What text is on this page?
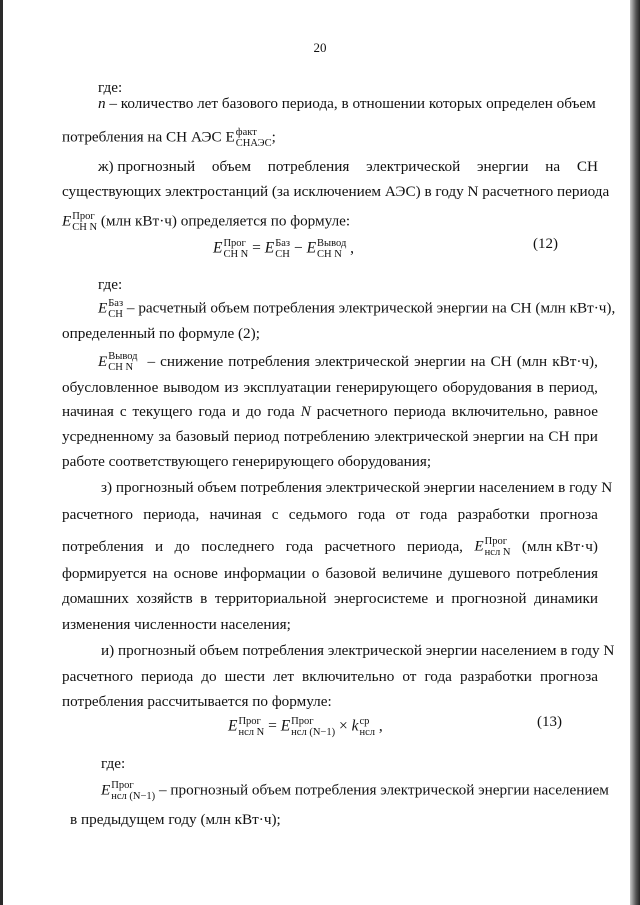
20
где:
n – количество лет базового периода, в отношении которых определен объем
потребления на СН АЭС E факт
СНАЭС ;
ж) прогнозный объем потребления электрической энергии на СН
существующих электростанций (за исключением АЭС) в году N расчетного периода
E Прог
CH N (млн кВт·ч) определяется по формуле:
E Прог
CH N = E Баз
CH − E Вывод
CH N ,	(12)
где:
E Баз
CH – расчетный объем потребления электрической энергии на СН (млн кВт·ч),
определенный по формуле (2);
E Вывод
CH N – снижение потребления электрической энергии на СН (млн кВт·ч),
обусловленное выводом из эксплуатации генерирующего оборудования в период,
начиная с текущего года и до года N расчетного периода включительно, равное
усредненному за базовый период потреблению электрической энергии на СН при
работе соответствующего генерирующего оборудования;
з) прогнозный объем потребления электрической энергии населением в году N
расчетного периода, начиная с седьмого года от года разработки прогноза
потребления и до последнего года расчетного периода, E Прог
нсл N (млн кВт·ч)
формируется на основе информации о базовой величине душевого потребления
домашних хозяйств в территориальной энергосистеме и прогнозной динамики
изменения численности населения;
и) прогнозный объем потребления электрической энергии населением в году N
расчетного периода до шести лет включительно от года разработки прогноза
потребления рассчитывается по формуле:
E Прог
нсл N = E Прог
нсл (N−1) × k ср
нсл ,	(13)
где:
E Прог
нсл (N−1) – прогнозный объем потребления электрической энергии населением
в предыдущем году (млн кВт·ч);
